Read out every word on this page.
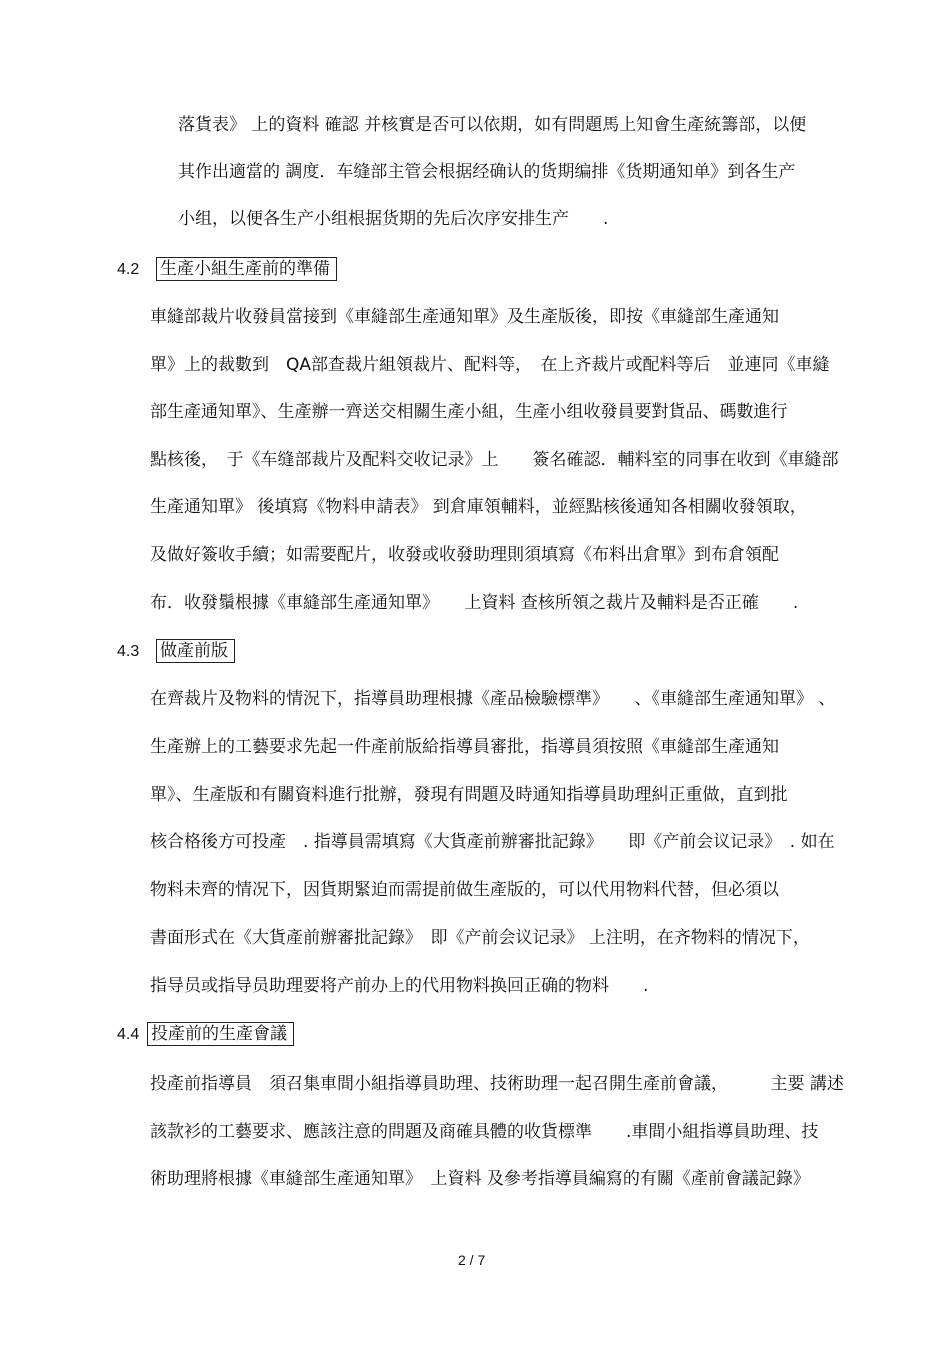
落貨表》 上的資料 確認 并核實是否可以依期，如有問題馬上知會生產統籌部，以便
其作出適當的 調度．车缝部主管会根据经确认的货期编排《货期通知单》到各生产
小组，以便各生产小组根据货期的先后次序安排生产　　.
4.2 生產小組生產前的準備
車縫部裁片收發員當接到《車縫部生產通知單》及生產版後，即按《車縫部生產通知
單》上的裁數到　QA部查裁片組領裁片、配料等，　在上齐裁片或配料等后　並連同《車縫
部生產通知單》、生產辦一齊送交相關生產小組，生產小组收發員要對貨品、碼數進行
點核後，　于《车缝部裁片及配料交收记录》上　　簽名確認．輔料室的同事在收到《車縫部
生產通知單》 後填寫《物料申請表》 到倉庫領輔料，並經點核後通知各相關收發領取，
及做好簽收手續；如需要配片，收發或收發助理則須填寫《布料出倉單》到布倉領配
布．收發鬚根據《車縫部生產通知單》　　上資料 查核所領之裁片及輔料是否正確　　.
4.3 做產前版
在齊裁片及物料的情況下，指導員助理根據《產品檢驗標準》　　、《車縫部生產通知單》 、
生產辦上的工藝要求先起一件產前版給指導員審批，指導員須按照《車縫部生產通知
單》、生產版和有關資料進行批辦，發現有問題及時通知指導員助理糾正重做，直到批
核合格後方可投產　. 指導員需填寫《大貨產前辦審批記錄》　　即《产前会议记录》　. 如在
物料未齊的情况下，因貨期緊迫而需提前做生產版的，可以代用物料代替，但必須以
書面形式在《大貨產前辦審批記錄》　即《产前会议记录》 上注明，在齐物料的情况下，
指导员或指导员助理要将产前办上的代用物料换回正确的物料　　.
4.4 投產前的生產會議
投產前指導員　須召集車間小組指導員助理、技術助理一起召開生產前會議，　　　主要 講述
該款衫的工藝要求、應該注意的問題及商確具體的收貨標準　　.車間小組指導員助理、技
術助理將根據《車縫部生產通知單》　上資料 及參考指導員編寫的有關《產前會議記錄》
2 / 7
